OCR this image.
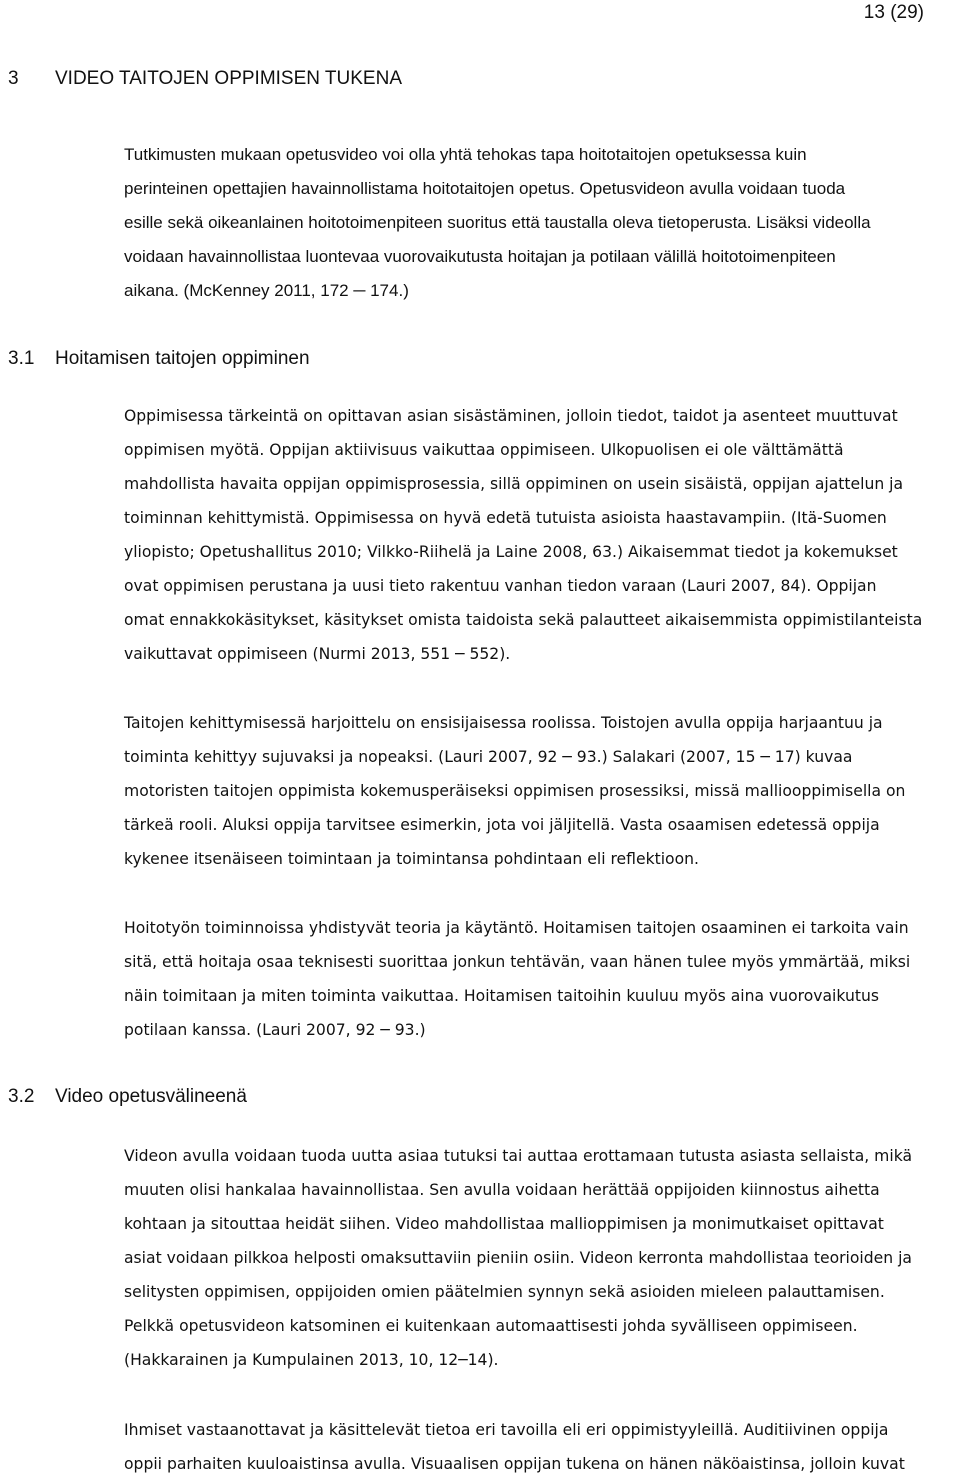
13 (29)
3 VIDEO TAITOJEN OPPIMISEN TUKENA
Tutkimusten mukaan opetusvideo voi olla yhtä tehokas tapa hoitotaitojen opetuksessa kuin
perinteinen opettajien havainnollistama hoitotaitojen opetus. Opetusvideon avulla voidaan tuoda
esille sekä oikeanlainen hoitotoimenpiteen suoritus että taustalla oleva tietoperusta. Lisäksi videolla
voidaan havainnollistaa luontevaa vuorovaikutusta hoitajan ja potilaan välillä hoitotoimenpiteen
aikana. (McKenney 2011, 172 ─ 174.)
3.1 Hoitamisen taitojen oppiminen
Oppimisessa tärkeintä on opittavan asian sisästäminen, jolloin tiedot, taidot ja asenteet muuttuvat
oppimisen myötä. Oppijan aktiivisuus vaikuttaa oppimiseen. Ulkopuolisen ei ole välttämättä
mahdollista havaita oppijan oppimisprosessia, sillä oppiminen on usein sisäistä, oppijan ajattelun ja
toiminnan kehittymistä. Oppimisessa on hyvä edetä tutuista asioista haastavampiin. (Itä-Suomen
yliopisto; Opetushallitus 2010; Vilkko-Riihelä ja Laine 2008, 63.) Aikaisemmat tiedot ja kokemukset
ovat oppimisen perustana ja uusi tieto rakentuu vanhan tiedon varaan (Lauri 2007, 84). Oppijan
omat ennakkokäsitykset, käsitykset omista taidoista sekä palautteet aikaisemmista oppimistilanteista
vaikuttavat oppimiseen (Nurmi 2013, 551 ─ 552).
Taitojen kehittymisessä harjoittelu on ensisijaisessa roolissa. Toistojen avulla oppija harjaantuu ja
toiminta kehittyy sujuvaksi ja nopeaksi. (Lauri 2007, 92 ─ 93.) Salakari (2007, 15 ─ 17) kuvaa
motoristen taitojen oppimista kokemusperäiseksi oppimisen prosessiksi, missä malliooppimisella on
tärkeä rooli. Aluksi oppija tarvitsee esimerkin, jota voi jäljitellä. Vasta osaamisen edetessä oppija
kykenee itsenäiseen toimintaan ja toimintansa pohdintaan eli reflektioon.
Hoitotyön toiminnoissa yhdistyvät teoria ja käytäntö. Hoitamisen taitojen osaaminen ei tarkoita vain
sitä, että hoitaja osaa teknisesti suorittaa jonkun tehtävän, vaan hänen tulee myös ymmärtää, miksi
näin toimitaan ja miten toiminta vaikuttaa. Hoitamisen taitoihin kuuluu myös aina vuorovaikutus
potilaan kanssa. (Lauri 2007, 92 ─ 93.)
3.2 Video opetusvälineenä
Videon avulla voidaan tuoda uutta asiaa tutuksi tai auttaa erottamaan tutusta asiasta sellaista, mikä
muuten olisi hankalaa havainnollistaa. Sen avulla voidaan herättää oppijoiden kiinnostus aihetta
kohtaan ja sitouttaa heidät siihen. Video mahdollistaa mallioppimisen ja monimutkaiset opittavat
asiat voidaan pilkkoa helposti omaksuttaviin pieniin osiin. Videon kerronta mahdollistaa teorioiden ja
selitysten oppimisen, oppijoiden omien päätelmien synnyn sekä asioiden mieleen palauttamisen.
Pelkkä opetusvideon katsominen ei kuitenkaan automaattisesti johda syvälliseen oppimiseen.
(Hakkarainen ja Kumpulainen 2013, 10, 12─14).
Ihmiset vastaanottavat ja käsittelevät tietoa eri tavoilla eli eri oppimistyyleillä. Auditiivinen oppija
oppii parhaiten kuuloaistinsa avulla. Visuaalisen oppijan tukena on hänen näköaistinsa, jolloin kuvat
